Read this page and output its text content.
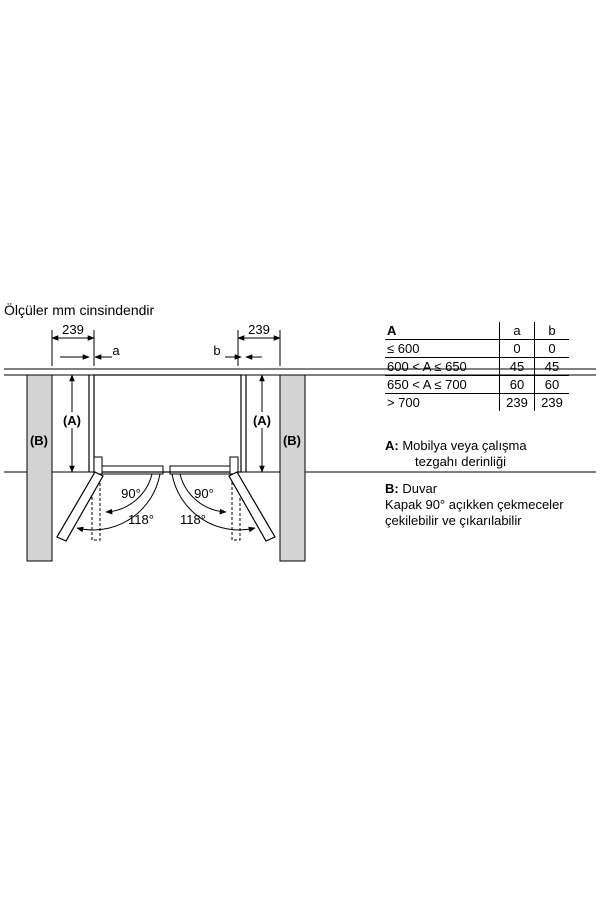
Ölçüler mm cinsindendir
239	239
a	b
(A)	(A)
(B)	(B)
90°	90°
118° 118°
A	a	b
≤ 600	0	0
600 < A ≤ 650	45	45
650 < A ≤ 700	60	60
> 700	239	239
A: Mobilya veya çalışma
tezgahı derinliği
B: Duvar
Kapak 90° açıkken çekmeceler
çekilebilir ve çıkarılabilir
